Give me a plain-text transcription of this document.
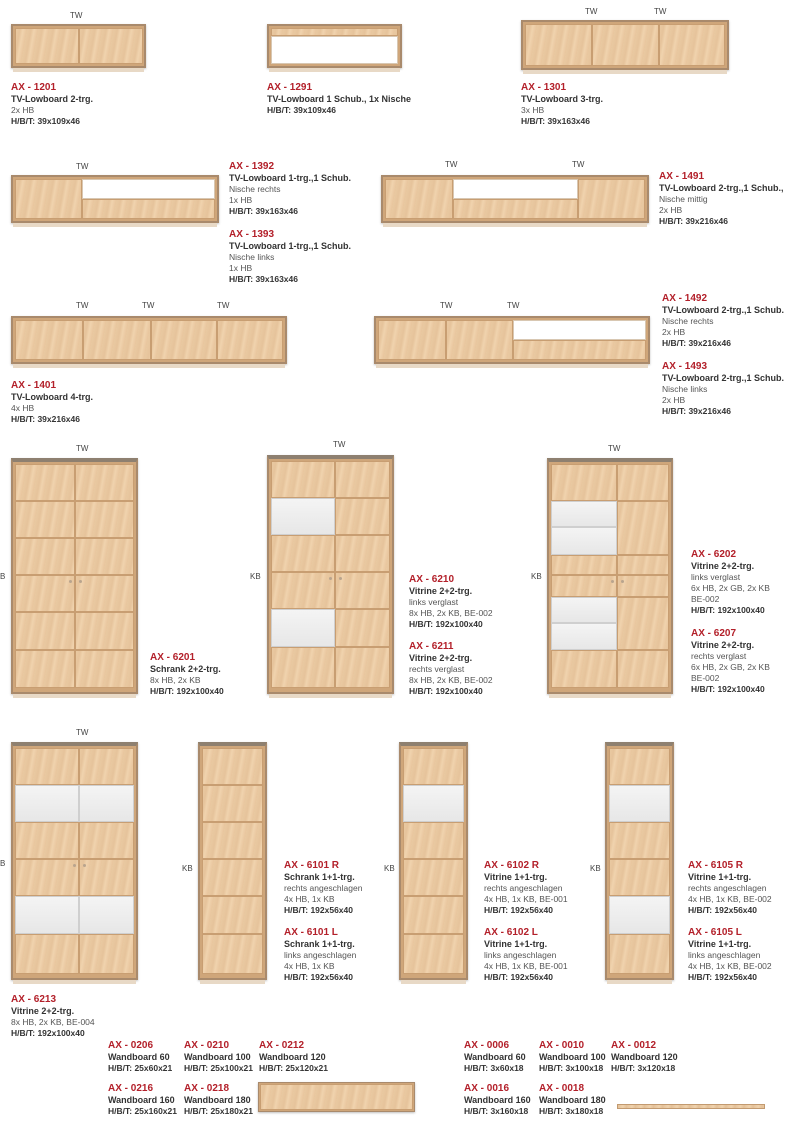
TW
AX - 1201
TV-Lowboard 2-trg.
2x HB
H/B/T: 39x109x46
AX - 1291
TV-Lowboard 1 Schub., 1x Nische
H/B/T: 39x109x46
TW	TW
AX - 1301
TV-Lowboard 3-trg.
3x HB
H/B/T: 39x163x46
TW	AX - 1392
TV-Lowboard 1-trg.,1 Schub.
Nische rechts
1x HB
H/B/T: 39x163x46
AX - 1393
TV-Lowboard 1-trg.,1 Schub.
Nische links
1x HB
H/B/T: 39x163x46
TW	TW
AX - 1491
TV-Lowboard 2-trg.,1 Schub.,
Nische mittig
2x HB
H/B/T: 39x216x46
TW	TW	TW
AX - 1401
TV-Lowboard 4-trg.
4x HB
H/B/T: 39x216x46
TW	TW
AX - 1492
TV-Lowboard 2-trg.,1 Schub.
Nische rechts
2x HB
H/B/T: 39x216x46
AX - 1493
TV-Lowboard 2-trg.,1 Schub.
Nische links
2x HB
H/B/T: 39x216x46
TW
B
AX - 6201
Schrank 2+2-trg.
8x HB, 2x KB
H/B/T: 192x100x40
TW
KB	AX - 6210
Vitrine 2+2-trg.
links verglast
8x HB, 2x KB, BE-002
H/B/T: 192x100x40
AX - 6211
Vitrine 2+2-trg.
rechts verglast
8x HB, 2x KB, BE-002
H/B/T: 192x100x40
TW
KB
AX - 6202
Vitrine 2+2-trg.
links verglast
6x HB, 2x GB, 2x KB
BE-002
H/B/T: 192x100x40
AX - 6207
Vitrine 2+2-trg.
rechts verglast
6x HB, 2x GB, 2x KB
BE-002
H/B/T: 192x100x40
TW
B
AX - 6213
Vitrine 2+2-trg.
8x HB, 2x KB, BE-004
H/B/T: 192x100x40
KB	AX - 6101 R
Schrank 1+1-trg.
rechts angeschlagen
4x HB, 1x KB
H/B/T: 192x56x40
AX - 6101 L
Schrank 1+1-trg.
links angeschlagen
4x HB, 1x KB
H/B/T: 192x56x40
KB	AX - 6102 R
Vitrine 1+1-trg.
rechts angeschlagen
4x HB, 1x KB, BE-001
H/B/T: 192x56x40
AX - 6102 L
Vitrine 1+1-trg.
links angeschlagen
4x HB, 1x KB, BE-001
H/B/T: 192x56x40
KB	AX - 6105 R
Vitrine 1+1-trg.
rechts angeschlagen
4x HB, 1x KB, BE-002
H/B/T: 192x56x40
AX - 6105 L
Vitrine 1+1-trg.
links angeschlagen
4x HB, 1x KB, BE-002
H/B/T: 192x56x40
AX - 0206
Wandboard 60
H/B/T: 25x60x21
AX - 0210
Wandboard 100
H/B/T: 25x100x21
AX - 0212
Wandboard 120
H/B/T: 25x120x21
AX - 0216
Wandboard 160
H/B/T: 25x160x21
AX - 0218
Wandboard 180
H/B/T: 25x180x21
AX - 0006
Wandboard 60
H/B/T: 3x60x18
AX - 0010
Wandboard 100
H/B/T: 3x100x18
AX - 0012
Wandboard 120
H/B/T: 3x120x18
AX - 0016
Wandboard 160
H/B/T: 3x160x18
AX - 0018
Wandboard 180
H/B/T: 3x180x18
